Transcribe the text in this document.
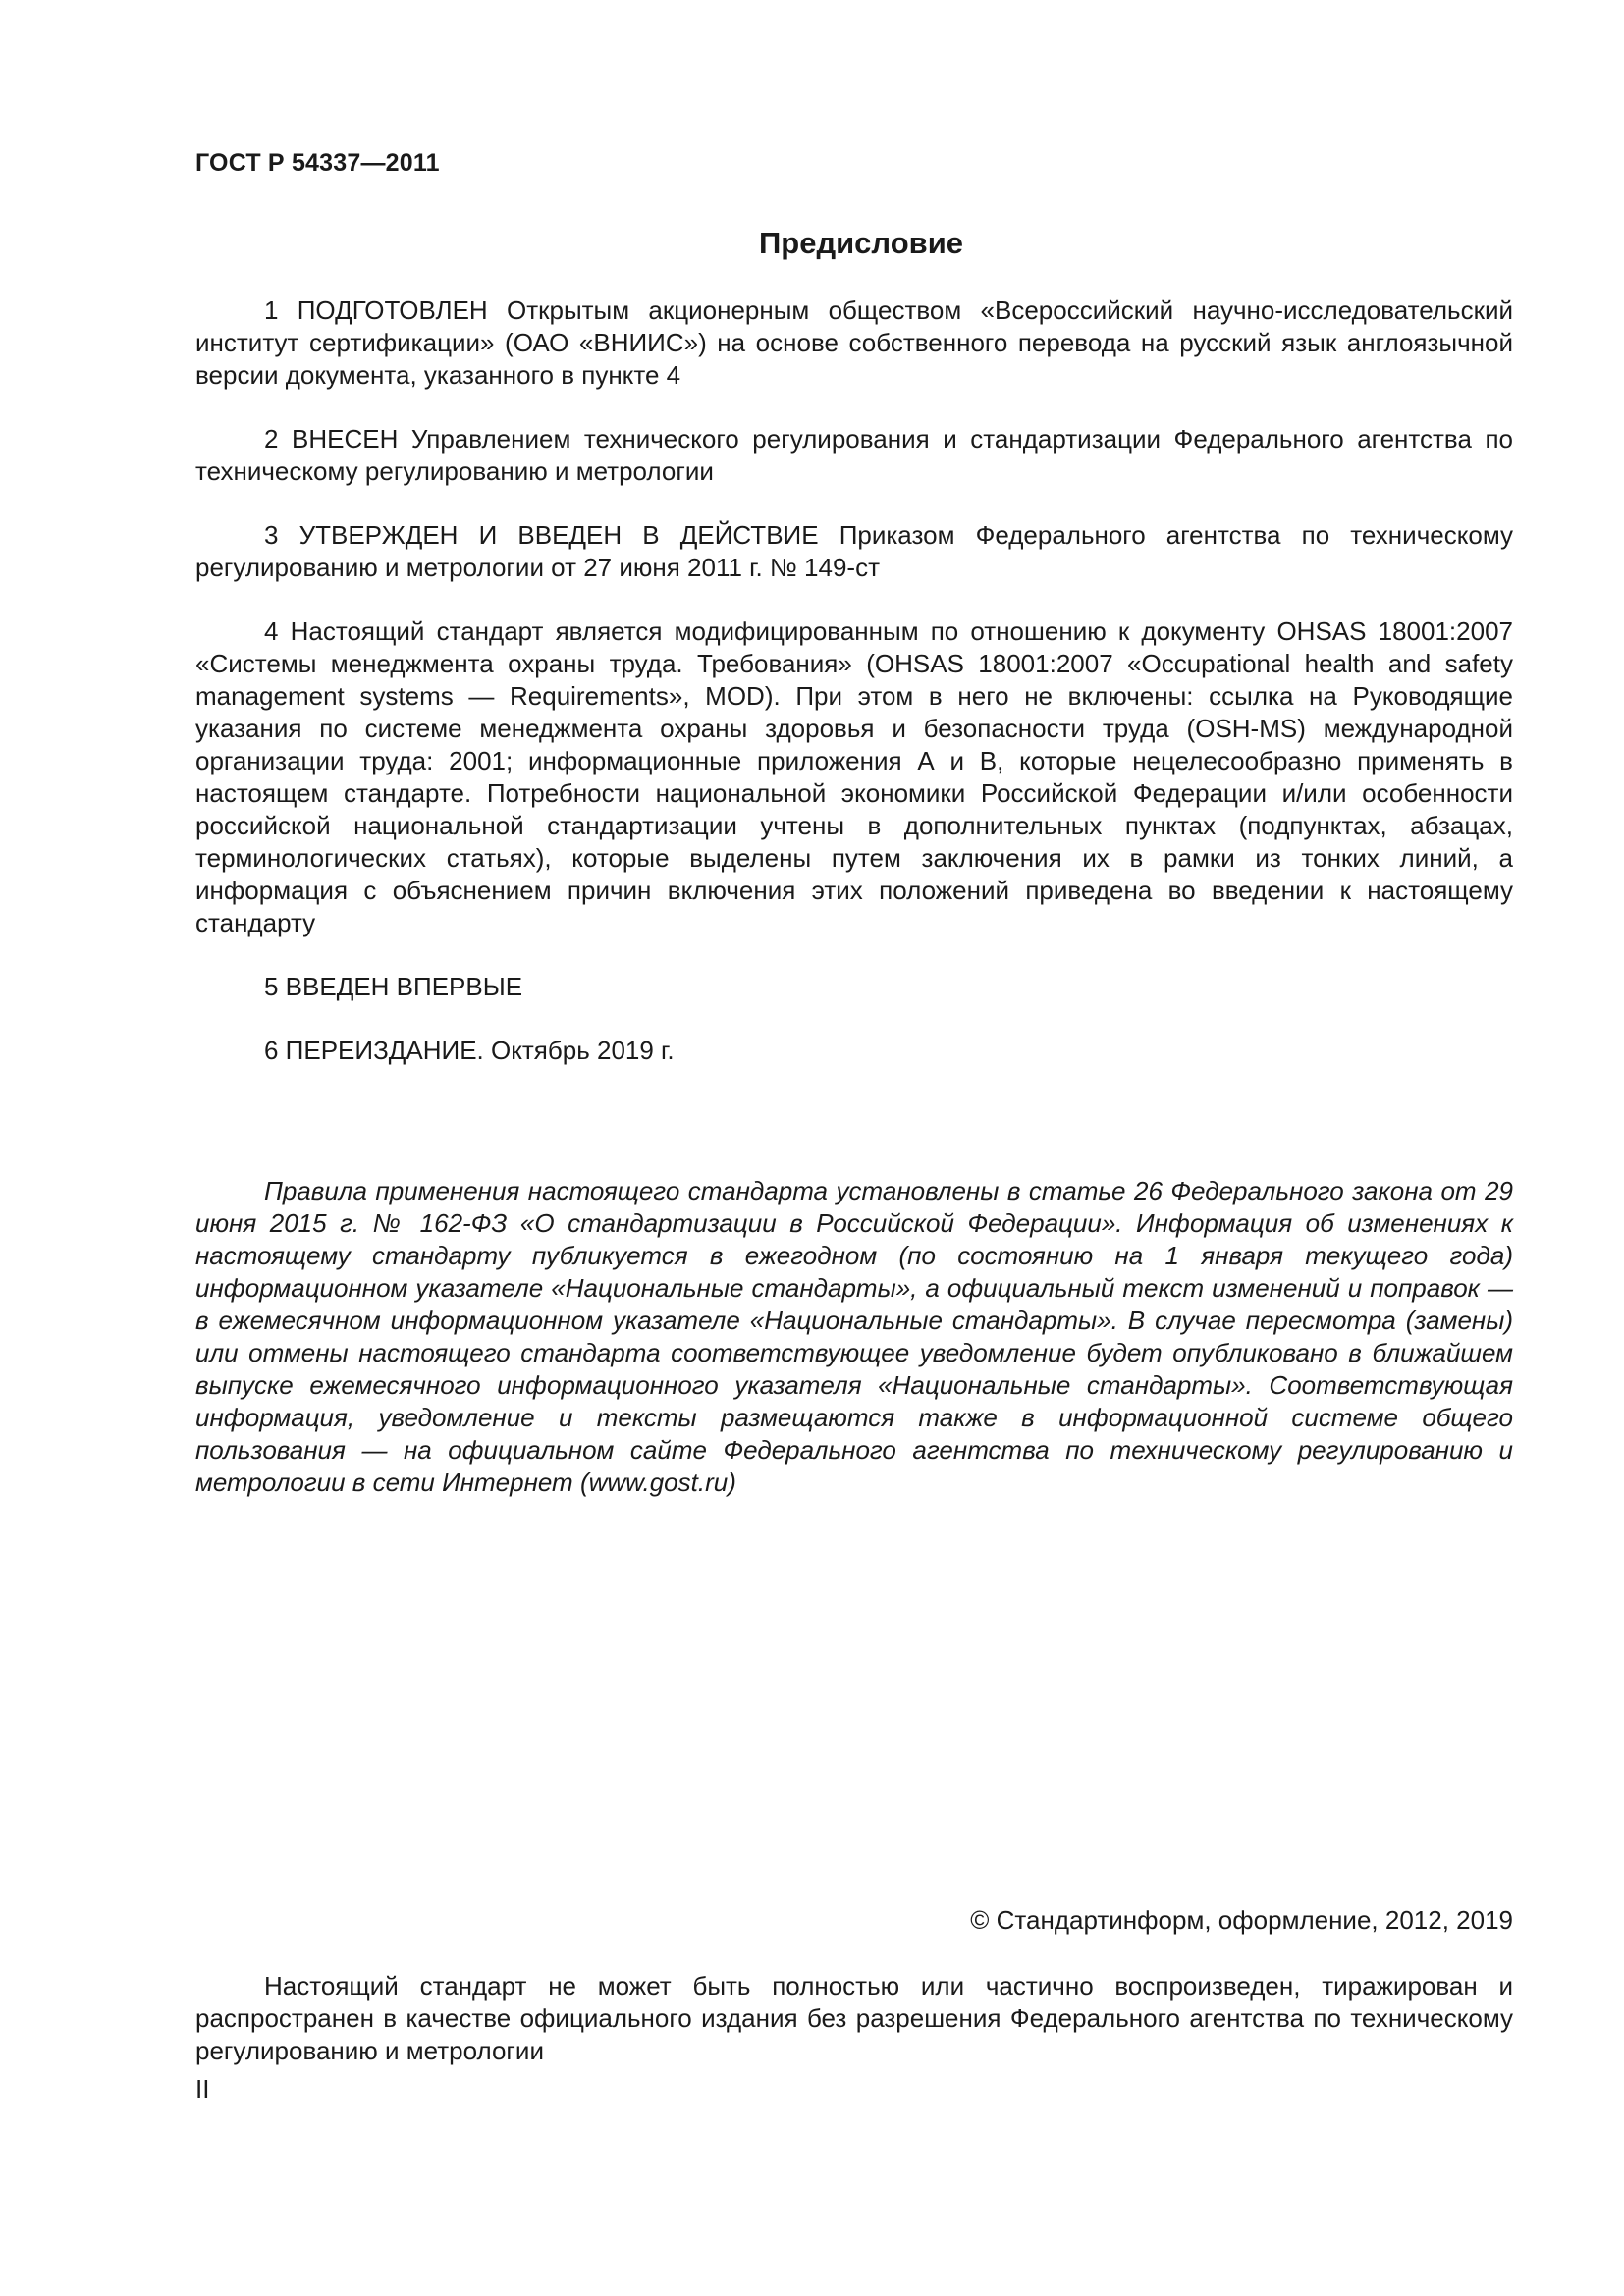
ГОСТ Р 54337—2011
Предисловие

1 ПОДГОТОВЛЕН Открытым акционерным обществом «Всероссийский научно-исследовательский институт сертификации» (ОАО «ВНИИС») на основе собственного перевода на русский язык англоязычной версии документа, указанного в пункте 4

2 ВНЕСЕН Управлением технического регулирования и стандартизации Федерального агентства по техническому регулированию и метрологии

3 УТВЕРЖДЕН И ВВЕДЕН В ДЕЙСТВИЕ Приказом Федерального агентства по техническому регулированию и метрологии от 27 июня 2011 г. № 149-ст

4 Настоящий стандарт является модифицированным по отношению к документу OHSAS 18001:2007 «Системы менеджмента охраны труда. Требования» (OHSAS 18001:2007 «Occupational health and safety management systems — Requirements», MOD). При этом в него не включены: ссылка на Руководящие указания по системе менеджмента охраны здоровья и безопасности труда (OSH-MS) международной организации труда: 2001; информационные приложения А и В, которые нецелесообразно применять в настоящем стандарте. Потребности национальной экономики Российской Федерации и/или особенности российской национальной стандартизации учтены в дополнительных пунктах (подпунктах, абзацах, терминологических статьях), которые выделены путем заключения их в рамки из тонких линий, а информация с объяснением причин включения этих положений приведена во введении к настоящему стандарту

5 ВВЕДЕН ВПЕРВЫЕ

6 ПЕРЕИЗДАНИЕ. Октябрь 2019 г.

Правила применения настоящего стандарта установлены в статье 26 Федерального закона от 29 июня 2015 г. № 162-ФЗ «О стандартизации в Российской Федерации». Информация об изменениях к настоящему стандарту публикуется в ежегодном (по состоянию на 1 января текущего года) информационном указателе «Национальные стандарты», а официальный текст изменений и поправок — в ежемесячном информационном указателе «Национальные стандарты». В случае пересмотра (замены) или отмены настоящего стандарта соответствующее уведомление будет опубликовано в ближайшем выпуске ежемесячного информационного указателя «Национальные стандарты». Соответствующая информация, уведомление и тексты размещаются также в информационной системе общего пользования — на официальном сайте Федерального агентства по техническому регулированию и метрологии в сети Интернет (www.gost.ru)

© Стандартинформ, оформление, 2012, 2019

Настоящий стандарт не может быть полностью или частично воспроизведен, тиражирован и распространен в качестве официального издания без разрешения Федерального агентства по техническому регулированию и метрологии

II
